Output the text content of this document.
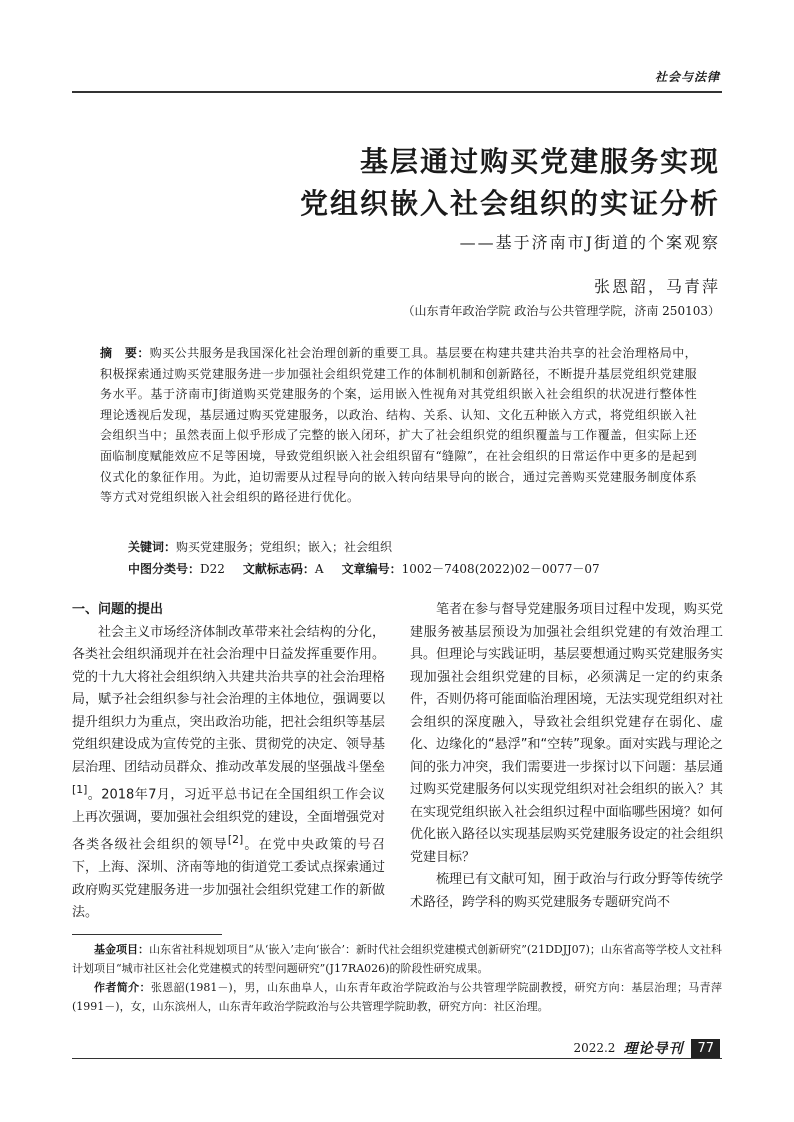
社会与法律
基层通过购买党建服务实现
党组织嵌入社会组织的实证分析
——基于济南市J街道的个案观察
张恩韶，马青萍
（山东青年政治学院 政治与公共管理学院，济南 250103）
摘　要：购买公共服务是我国深化社会治理创新的重要工具。基层要在构建共建共治共享的社会治理格局中，积极探索通过购买党建服务进一步加强社会组织党建工作的体制机制和创新路径，不断提升基层党组织党建服务水平。基于济南市J街道购买党建服务的个案，运用嵌入性视角对其党组织嵌入社会组织的状况进行整体性理论透视后发现，基层通过购买党建服务，以政治、结构、关系、认知、文化五种嵌入方式，将党组织嵌入社会组织当中；虽然表面上似乎形成了完整的嵌入闭环，扩大了社会组织党的组织覆盖与工作覆盖，但实际上还面临制度赋能效应不足等困境，导致党组织嵌入社会组织留有“缝隙”，在社会组织的日常运作中更多的是起到仪式化的象征作用。为此，迫切需要从过程导向的嵌入转向结果导向的嵌合，通过完善购买党建服务制度体系等方式对党组织嵌入社会组织的路径进行优化。
关键词：购买党建服务；党组织；嵌入；社会组织
中图分类号：D22 文献标志码：A 文章编号：1002－7408(2022)02－0077－07
一、问题的提出

社会主义市场经济体制改革带来社会结构的分化，各类社会组织涌现并在社会治理中日益发挥重要作用。党的十九大将社会组织纳入共建共治共享的社会治理格局，赋予社会组织参与社会治理的主体地位，强调要以提升组织力为重点，突出政治功能，把社会组织等基层党组织建设成为宣传党的主张、贯彻党的决定、领导基层治理、团结动员群众、推动改革发展的坚强战斗堡垒[1]。2018年7月，习近平总书记在全国组织工作会议上再次强调，要加强社会组织党的建设，全面增强党对各类各级社会组织的领导[2]。在党中央政策的号召下，上海、深圳、济南等地的街道党工委试点探索通过政府购买党建服务进一步加强社会组织党建工作的新做法。

笔者在参与督导党建服务项目过程中发现，购买党建服务被基层预设为加强社会组织党建的有效治理工具。但理论与实践证明，基层要想通过购买党建服务实现加强社会组织党建的目标，必须满足一定的约束条件，否则仍将可能面临治理困境，无法实现党组织对社会组织的深度融入，导致社会组织党建存在弱化、虚化、边缘化的“悬浮”和“空转”现象。面对实践与理论之间的张力冲突，我们需要进一步探讨以下问题：基层通过购买党建服务何以实现党组织对社会组织的嵌入？其在实现党组织嵌入社会组织过程中面临哪些困境？如何优化嵌入路径以实现基层购买党建服务设定的社会组织党建目标？

梳理已有文献可知，囿于政治与行政分野等传统学术路径，跨学科的购买党建服务专题研究尚不

基金项目：山东省社科规划项目“从‘嵌入’走向‘嵌合’：新时代社会组织党建模式创新研究”(21DDJJ07)；山东省高等学校人文社科计划项目“城市社区社会化党建模式的转型问题研究”(J17RA026)的阶段性研究成果。
作者简介：张恩韶(1981－)，男，山东曲阜人，山东青年政治学院政治与公共管理学院副教授，研究方向：基层治理；马青萍(1991－)，女，山东滨州人，山东青年政治学院政治与公共管理学院助教，研究方向：社区治理。
2022.2 理论导刊	77
